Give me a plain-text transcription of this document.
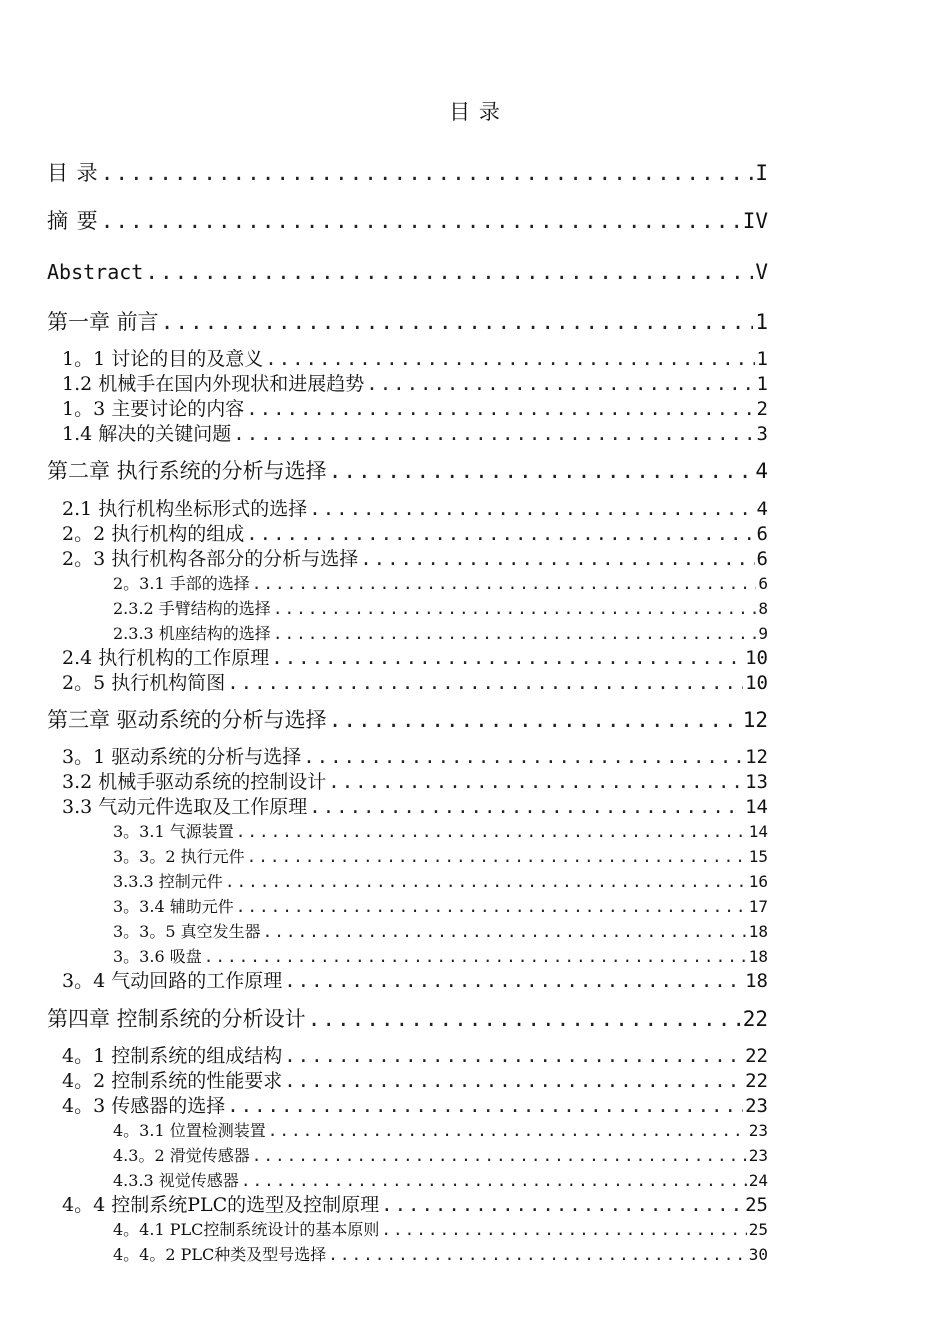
目 录
目 录 .....	I
摘 要 .....	IV
Abstract .....	V
第一章 前言 .....	1
1。1 讨论的目的及意义 .....	1
1.2 机械手在国内外现状和进展趋势 .....	1
1。3 主要讨论的内容 .....	2
1.4 解决的关键问题 .....	3
第二章 执行系统的分析与选择 .....	4
2.1 执行机构坐标形式的选择 .....	4
2。2 执行机构的组成 .....	6
2。3 执行机构各部分的分析与选择 .....	6
2。3.1 手部的选择 .....	6
2.3.2 手臂结构的选择 .....	8
2.3.3 机座结构的选择 .....	9
2.4 执行机构的工作原理 .....	10
2。5 执行机构简图 .....	10
第三章 驱动系统的分析与选择 .....	12
3。1 驱动系统的分析与选择 .....	12
3.2 机械手驱动系统的控制设计 .....	13
3.3 气动元件选取及工作原理 .....	14
3。3.1 气源装置 .....	14
3。3。2 执行元件 .....	15
3.3.3 控制元件 .....	16
3。3.4 辅助元件 .....	17
3。3。5 真空发生器 .....	18
3。3.6 吸盘 .....	18
3。4 气动回路的工作原理 .....	18
第四章 控制系统的分析设计 .....	22
4。1 控制系统的组成结构 .....	22
4。2 控制系统的性能要求 .....	22
4。3 传感器的选择 .....	23
4。3.1 位置检测装置 .....	23
4.3。2 滑觉传感器 .....	23
4.3.3 视觉传感器 .....	24
4。4 控制系统PLC的选型及控制原理 .....	25
4。4.1 PLC控制系统设计的基本原则 .....	25
4。4。2 PLC种类及型号选择 .....	30
